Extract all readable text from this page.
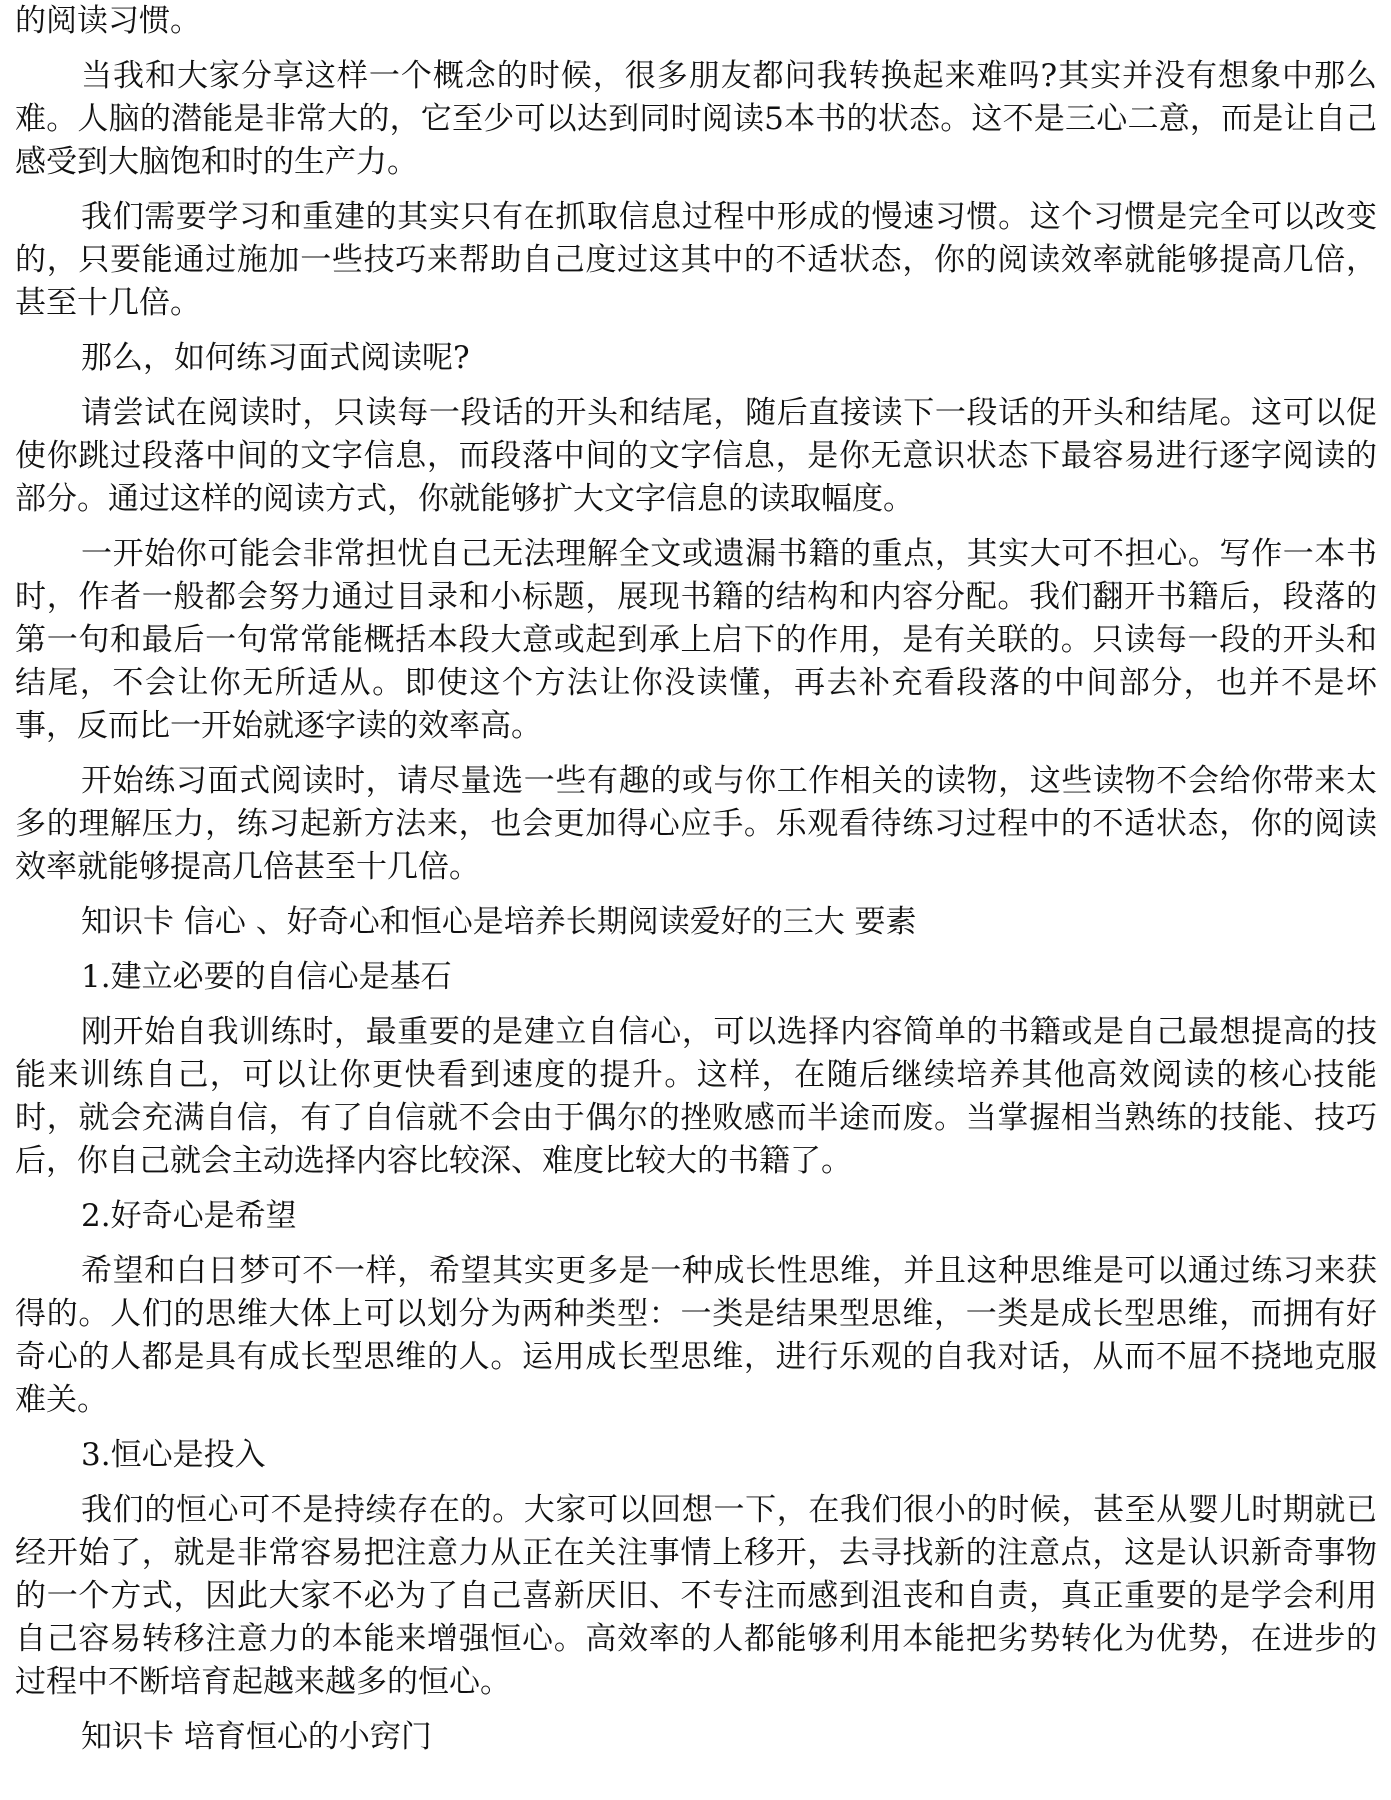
的阅读习惯。

当我和大家分享这样一个概念的时候，很多朋友都问我转换起来难吗?其实并没有想象中那么难。人脑的潜能是非常大的，它至少可以达到同时阅读5本书的状态。这不是三心二意，而是让自己感受到大脑饱和时的生产力。

我们需要学习和重建的其实只有在抓取信息过程中形成的慢速习惯。这个习惯是完全可以改变的，只要能通过施加一些技巧来帮助自己度过这其中的不适状态，你的阅读效率就能够提高几倍，甚至十几倍。

那么，如何练习面式阅读呢?

请尝试在阅读时，只读每一段话的开头和结尾，随后直接读下一段话的开头和结尾。这可以促使你跳过段落中间的文字信息，而段落中间的文字信息，是你无意识状态下最容易进行逐字阅读的部分。通过这样的阅读方式，你就能够扩大文字信息的读取幅度。

一开始你可能会非常担忧自己无法理解全文或遗漏书籍的重点，其实大可不担心。写作一本书时，作者一般都会努力通过目录和小标题，展现书籍的结构和内容分配。我们翻开书籍后，段落的第一句和最后一句常常能概括本段大意或起到承上启下的作用，是有关联的。只读每一段的开头和结尾，不会让你无所适从。即使这个方法让你没读懂，再去补充看段落的中间部分，也并不是坏事，反而比一开始就逐字读的效率高。

开始练习面式阅读时，请尽量选一些有趣的或与你工作相关的读物，这些读物不会给你带来太多的理解压力，练习起新方法来，也会更加得心应手。乐观看待练习过程中的不适状态，你的阅读效率就能够提高几倍甚至十几倍。

知识卡 信心 、好奇心和恒心是培养长期阅读爱好的三大 要素

1.建立必要的自信心是基石

刚开始自我训练时，最重要的是建立自信心，可以选择内容简单的书籍或是自己最想提高的技能来训练自己，可以让你更快看到速度的提升。这样，在随后继续培养其他高效阅读的核心技能时，就会充满自信，有了自信就不会由于偶尔的挫败感而半途而废。当掌握相当熟练的技能、技巧后，你自己就会主动选择内容比较深、难度比较大的书籍了。

2.好奇心是希望

希望和白日梦可不一样，希望其实更多是一种成长性思维，并且这种思维是可以通过练习来获得的。人们的思维大体上可以划分为两种类型：一类是结果型思维，一类是成长型思维，而拥有好奇心的人都是具有成长型思维的人。运用成长型思维，进行乐观的自我对话，从而不屈不挠地克服难关。

3.恒心是投入

我们的恒心可不是持续存在的。大家可以回想一下，在我们很小的时候，甚至从婴儿时期就已经开始了，就是非常容易把注意力从正在关注事情上移开，去寻找新的注意点，这是认识新奇事物的一个方式，因此大家不必为了自己喜新厌旧、不专注而感到沮丧和自责，真正重要的是学会利用自己容易转移注意力的本能来增强恒心。高效率的人都能够利用本能把劣势转化为优势，在进步的过程中不断培育起越来越多的恒心。

知识卡 培育恒心的小窍门
